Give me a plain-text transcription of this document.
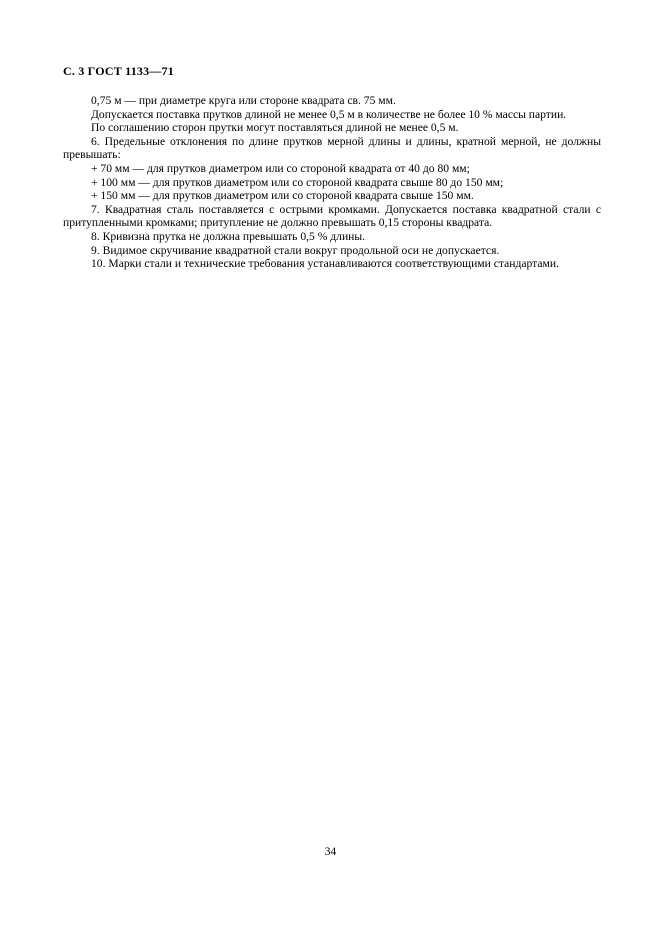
С. 3 ГОСТ 1133—71

0,75 м — при диаметре круга или стороне квадрата св. 75 мм.

Допускается поставка прутков длиной не менее 0,5 м в количестве не более 10 % массы партии.

По соглашению сторон прутки могут поставляться длиной не менее 0,5 м.

6. Предельные отклонения по длине прутков мерной длины и длины, кратной мерной, не должны превышать:

+ 70 мм — для прутков диаметром или со стороной квадрата от 40 до 80 мм;

+ 100 мм — для прутков диаметром или со стороной квадрата свыше 80 до 150 мм;

+ 150 мм — для прутков диаметром или со стороной квадрата свыше 150 мм.

7. Квадратная сталь поставляется с острыми кромками. Допускается поставка квадратной стали с притупленными кромками; притупление не должно превышать 0,15 стороны квадрата.

8. Кривизна прутка не должна превышать 0,5 % длины.

9. Видимое скручивание квадратной стали вокруг продольной оси не допускается.

10. Марки стали и технические требования устанавливаются соответствующими стандартами.

34
